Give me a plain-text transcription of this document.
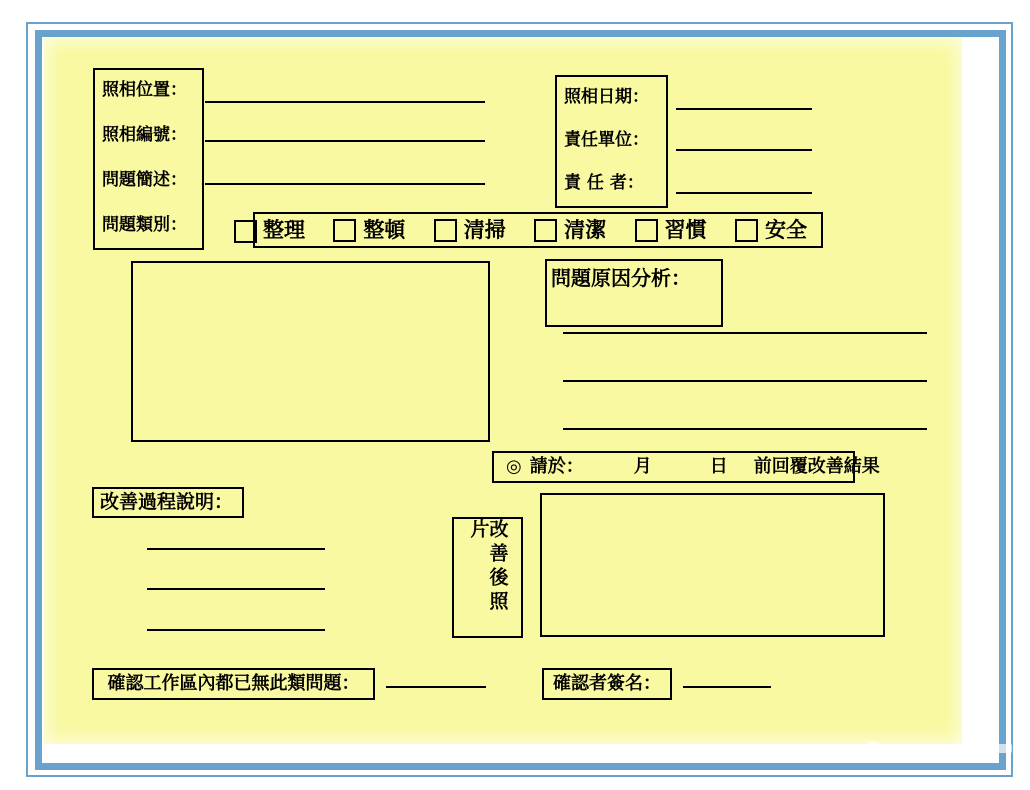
照相位置：
照相編號：
問題簡述：
問題類別：
照相日期：
責任單位：
責 任 者：
整理	整頓	清掃	清潔	習慣	安全
問題原因分析：
◎ 請於：	月	日 前回覆改善結果
改善過程說明：
改善後照片
確認工作區內都已無此類問題：	確認者簽名：
